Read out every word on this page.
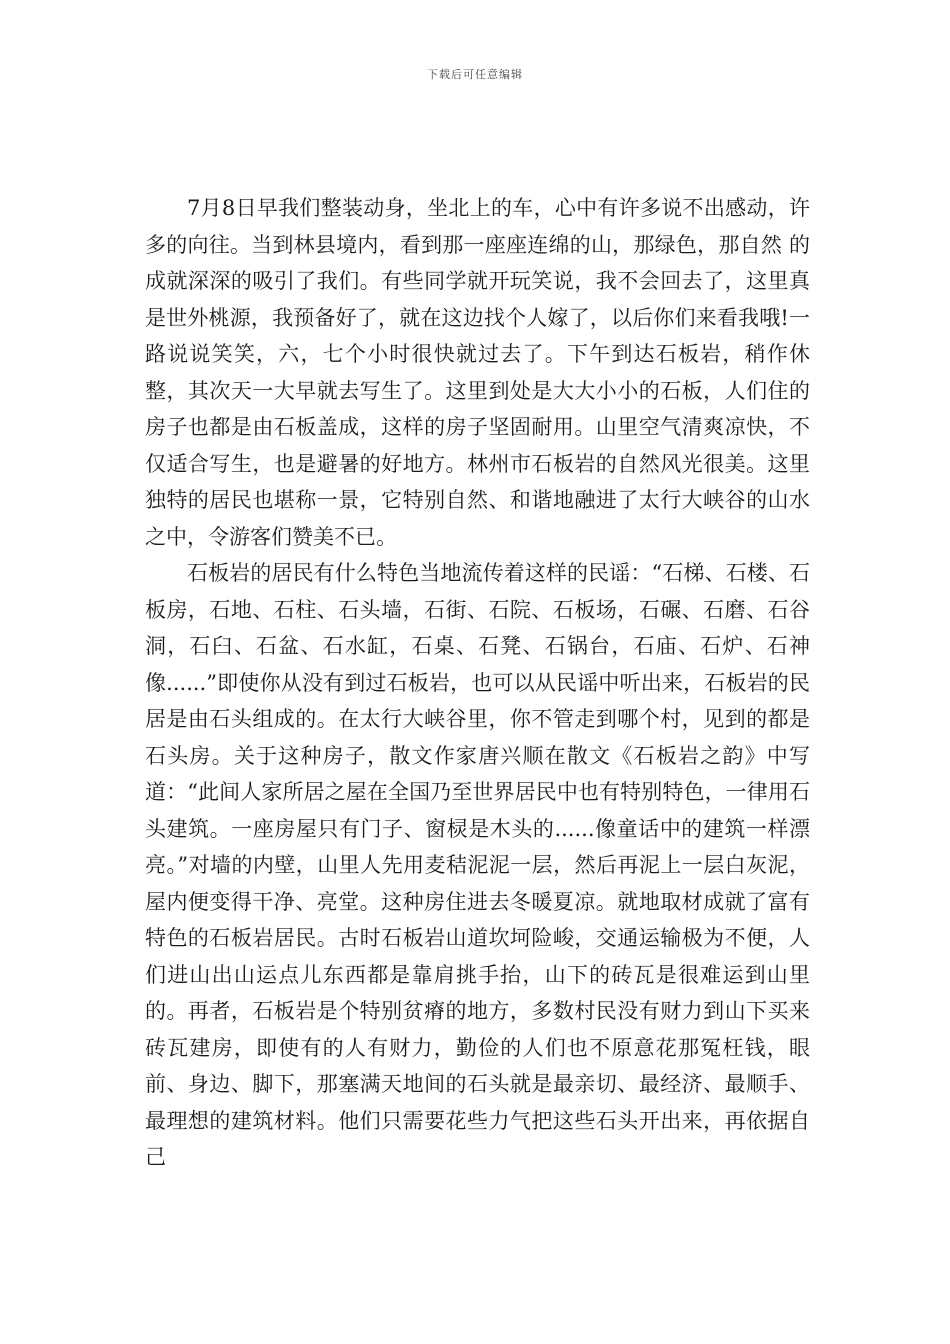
下载后可任意编辑

7月8日早我们整装动身，坐北上的车，心中有许多说不出感动，许多的向往。当到林县境内，看到那一座座连绵的山，那绿色，那自然 的成就深深的吸引了我们。有些同学就开玩笑说，我不会回去了，这里真是世外桃源，我预备好了，就在这边找个人嫁了，以后你们来看我哦!一路说说笑笑，六，七个小时很快就过去了。下午到达石板岩，稍作休整，其次天一大早就去写生了。这里到处是大大小小的石板，人们住的房子也都是由石板盖成，这样的房子坚固耐用。山里空气清爽凉快，不仅适合写生，也是避暑的好地方。林州市石板岩的自然风光很美。这里独特的居民也堪称一景，它特别自然、和谐地融进了太行大峡谷的山水之中，令游客们赞美不已。

石板岩的居民有什么特色当地流传着这样的民谣：“石梯、石楼、石板房，石地、石柱、石头墙，石街、石院、石板场，石碾、石磨、石谷洞，石臼、石盆、石水缸，石桌、石凳、石锅台，石庙、石炉、石神像......”即使你从没有到过石板岩，也可以从民谣中听出来，石板岩的民居是由石头组成的。在太行大峡谷里，你不管走到哪个村，见到的都是石头房。关于这种房子，散文作家唐兴顺在散文《石板岩之韵》中写道：“此间人家所居之屋在全国乃至世界居民中也有特别特色，一律用石头建筑。一座房屋只有门子、窗棂是木头的......像童话中的建筑一样漂亮。”对墙的内壁，山里人先用麦秸泥泥一层，然后再泥上一层白灰泥，屋内便变得干净、亮堂。这种房住进去冬暖夏凉。就地取材成就了富有特色的石板岩居民。古时石板岩山道坎坷险峻，交通运输极为不便，人们进山出山运点儿东西都是靠肩挑手抬，山下的砖瓦是很难运到山里的。再者，石板岩是个特别贫瘠的地方，多数村民没有财力到山下买来砖瓦建房，即使有的人有财力，勤俭的人们也不原意花那冤枉钱，眼前、身边、脚下，那塞满天地间的石头就是最亲切、最经济、最顺手、最理想的建筑材料。他们只需要花些力气把这些石头开出来，再依据自己
